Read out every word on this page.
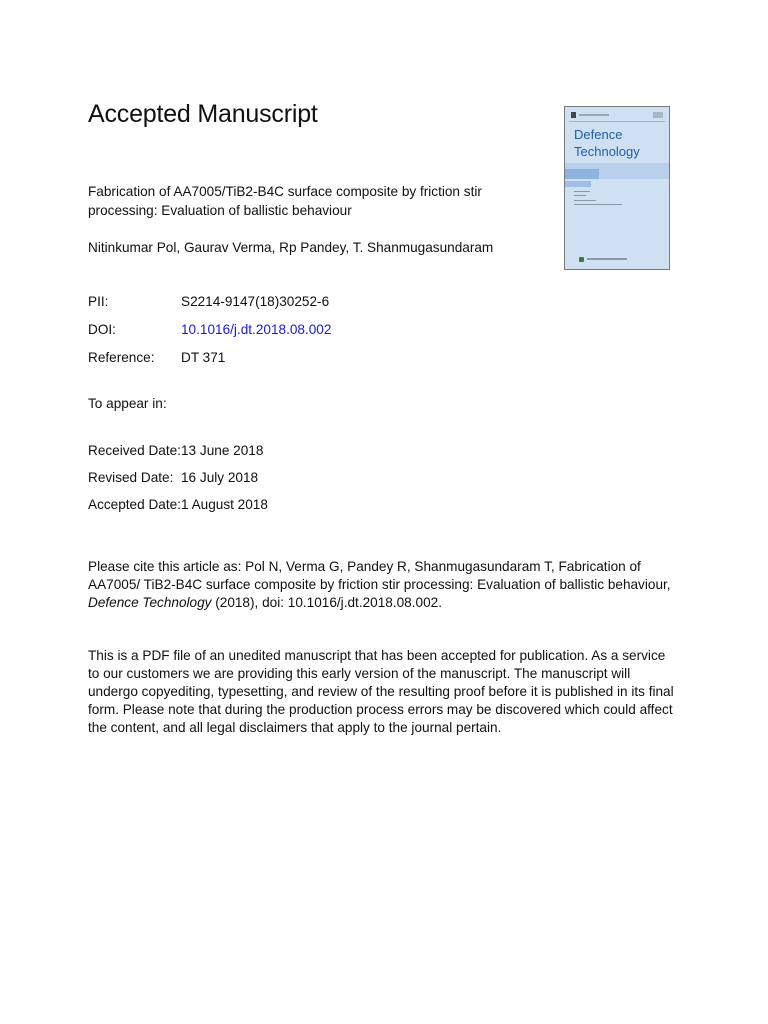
Accepted Manuscript
Defence Technology
Fabrication of AA7005/TiB2-B4C surface composite by friction stir processing: Evaluation of ballistic behaviour
Nitinkumar Pol, Gaurav Verma, Rp Pandey, T. Shanmugasundaram
PII:	S2214-9147(18)30252-6
DOI:	10.1016/j.dt.2018.08.002
Reference: DT 371
To appear in:
Received Date:13 June 2018
Revised Date: 16 July 2018
Accepted Date:1 August 2018
Please cite this article as: Pol N, Verma G, Pandey R, Shanmugasundaram T, Fabrication of AA7005/ TiB2-B4C surface composite by friction stir processing: Evaluation of ballistic behaviour, Defence Technology (2018), doi: 10.1016/j.dt.2018.08.002.
This is a PDF file of an unedited manuscript that has been accepted for publication. As a service to our customers we are providing this early version of the manuscript. The manuscript will undergo copyediting, typesetting, and review of the resulting proof before it is published in its final form. Please note that during the production process errors may be discovered which could affect the content, and all legal disclaimers that apply to the journal pertain.
